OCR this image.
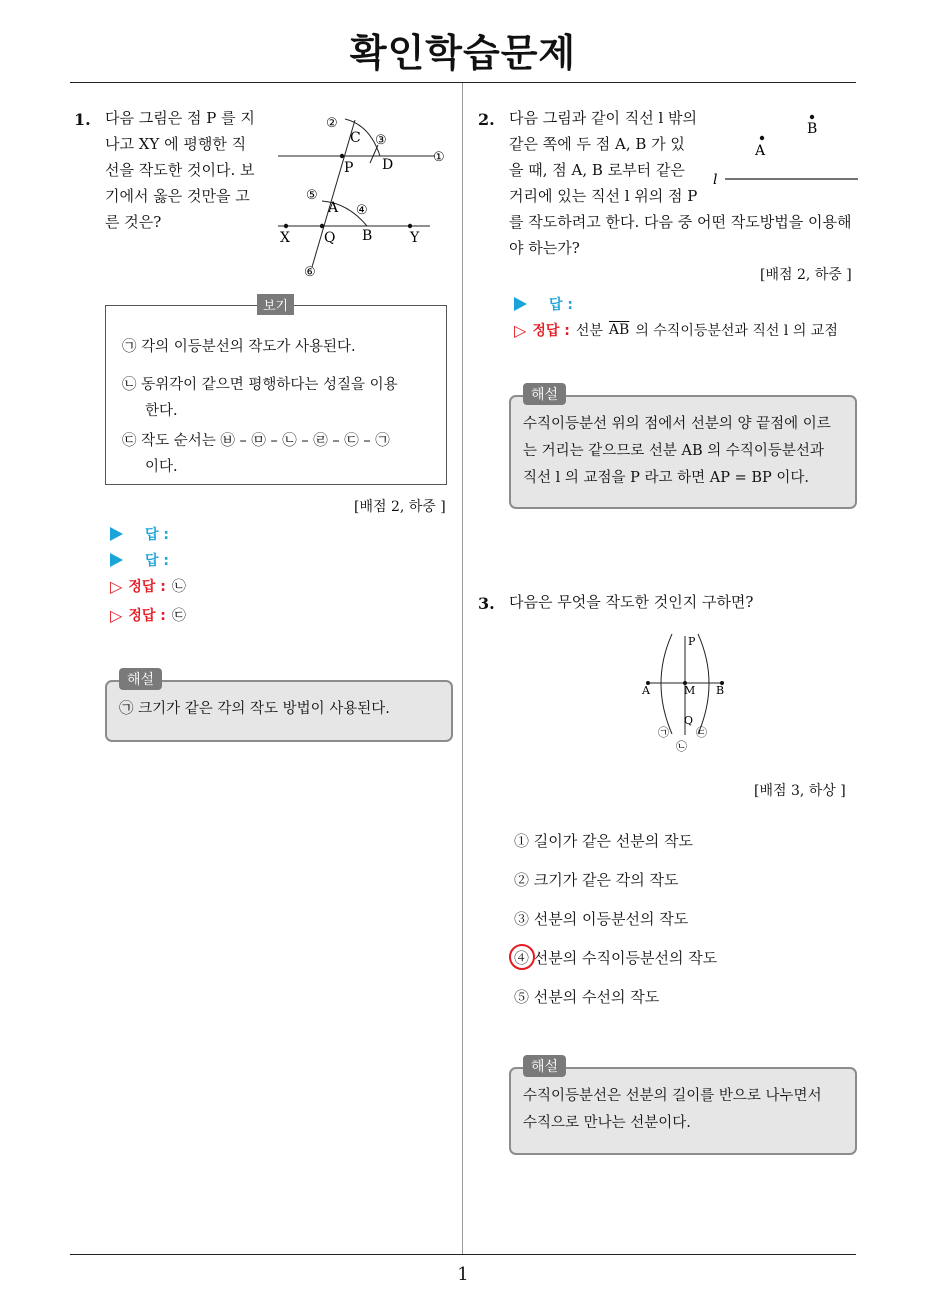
확인학습문제
1. 다음 그림은 점 P 를 지
나고 XY 에 평행한 직
선을 작도한 것이다. 보
기에서 옳은 것만을 고
른 것은?
C
D
P
A
X Q B	Y
②
③
①
⑤
④
⑥
보기
㉠ 각의 이등분선의 작도가 사용된다.
㉡ 동위각이 같으면 평행하다는 성질을 이용
한다.
㉢ 작도 순서는 ㉥ – ㉤ – ㉡ – ㉣ – ㉢ – ㉠
이다.
[배점 2, 하중 ]
답 :
답 :
▷ 정답 : ㉡
▷ 정답 : ㉢
㉠ 크기가 같은 각의 작도 방법이 사용된다.
해설
2. 다음 그림과 같이 직선 l 밖의
같은 쪽에 두 점 A, B 가 있
을 때, 점 A, B 로부터 같은
거리에 있는 직선 l 위의 점 P
를 작도하려고 한다. 다음 중 어떤 작도방법을 이용해
야 하는가?
B
A
l
[배점 2, 하중 ]
답 :
▷ 정답 : 선분 $\overline{AB}$ 의 수직이등분선과 직선 l 의 교점
수직이등분선 위의 점에서 선분의 양 끝점에 이르
는 거리는 같으므로 선분 AB 의 수직이등분선과
직선 l 의 교점을 P 라고 하면 AP = BP 이다.
해설
3. 다음은 무엇을 작도한 것인지 구하면?
P
A	M B
Q
㉠ ㉢
㉡
[배점 3, 하상 ]
① 길이가 같은 선분의 작도
② 크기가 같은 각의 작도
③ 선분의 이등분선의 작도
④ 선분의 수직이등분선의 작도
⑤ 선분의 수선의 작도
수직이등분선은 선분의 길이를 반으로 나누면서
수직으로 만나는 선분이다.
해설
1
